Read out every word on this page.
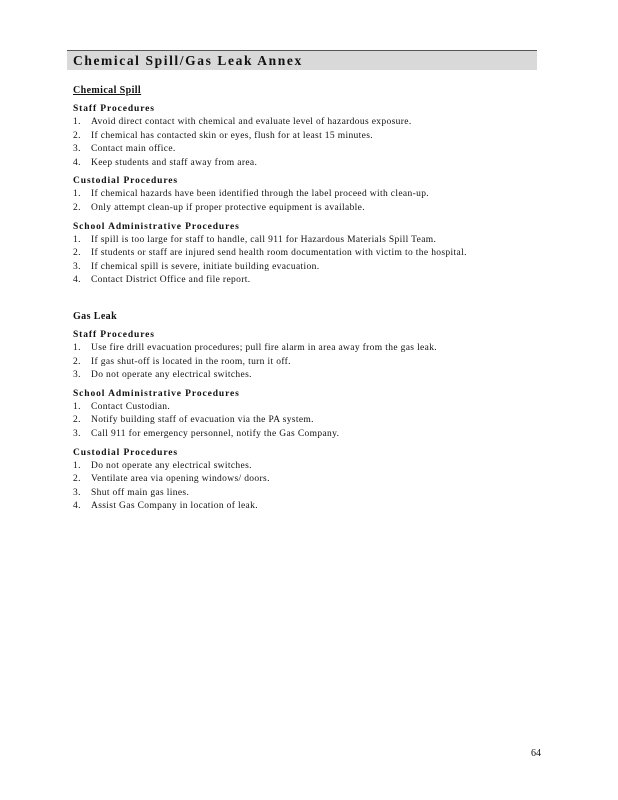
Chemical Spill/Gas Leak Annex
Chemical Spill
Staff Procedures
1.	Avoid direct contact with chemical and evaluate level of hazardous exposure.
2.	If chemical has contacted skin or eyes, flush for at least 15 minutes.
3.	Contact main office.
4.	Keep students and staff away from area.
Custodial Procedures
1.	If chemical hazards have been identified through the label proceed with clean-up.
2.	Only attempt clean-up if proper protective equipment is available.
School Administrative Procedures
1.	If spill is too large for staff to handle, call 911 for Hazardous Materials Spill Team.
2.	If students or staff are injured send health room documentation with victim to the hospital.
3.	If chemical spill is severe, initiate building evacuation.
4.	Contact District Office and file report.
Gas Leak
Staff Procedures
1.	Use fire drill evacuation procedures; pull fire alarm in area away from the gas leak.
2.	If gas shut-off is located in the room, turn it off.
3.	Do not operate any electrical switches.
School Administrative Procedures
1.	Contact Custodian.
2.	Notify building staff of evacuation via the PA system.
3.	Call 911 for emergency personnel, notify the Gas Company.
Custodial Procedures
1.	Do not operate any electrical switches.
2.	Ventilate area via opening windows/ doors.
3.	Shut off main gas lines.
4.	Assist Gas Company in location of leak.
64
